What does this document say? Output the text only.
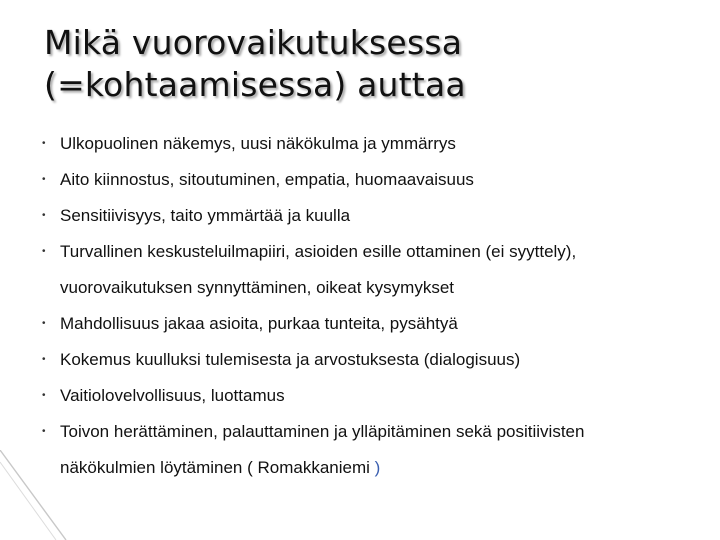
Mikä vuorovaikutuksessa
(=kohtaamisessa) auttaa
• Ulkopuolinen näkemys, uusi näkökulma ja ymmärrys
• Aito kiinnostus, sitoutuminen, empatia, huomaavaisuus
• Sensitiivisyys, taito ymmärtää ja kuulla
• Turvallinen keskusteluilmapiiri, asioiden esille ottaminen (ei syyttely),
vuorovaikutuksen synnyttäminen, oikeat kysymykset
• Mahdollisuus jakaa asioita, purkaa tunteita, pysähtyä
• Kokemus kuulluksi tulemisesta ja arvostuksesta (dialogisuus)
• Vaitiolovelvollisuus, luottamus
• Toivon herättäminen, palauttaminen ja ylläpitäminen sekä positiivisten
näkökulmien löytäminen ( Romakkaniemi )
